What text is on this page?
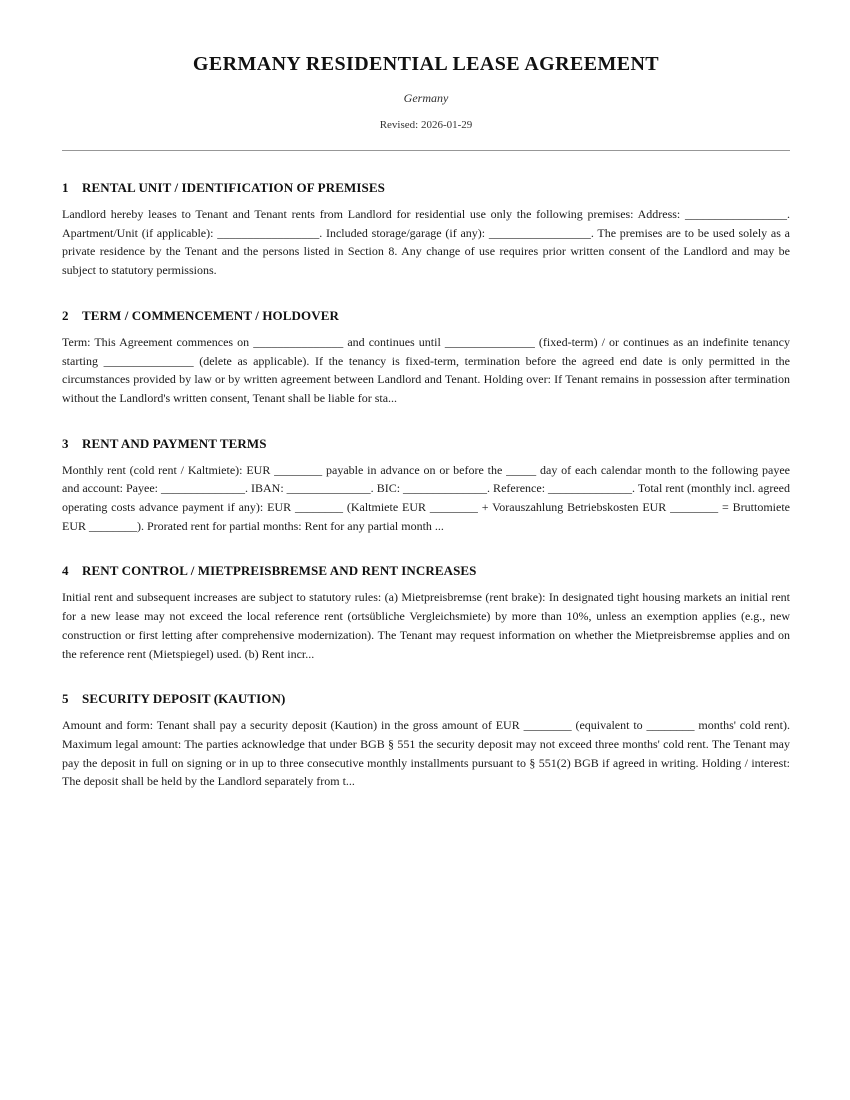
GERMANY RESIDENTIAL LEASE AGREEMENT
Germany
Revised: 2026-01-29
1 RENTAL UNIT / IDENTIFICATION OF PREMISES

Landlord hereby leases to Tenant and Tenant rents from Landlord for residential use only the following premises: Address: _________________. Apartment/Unit (if applicable): _________________. Included storage/garage (if any): _________________. The premises are to be used solely as a private residence by the Tenant and the persons listed in Section 8. Any change of use requires prior written consent of the Landlord and may be subject to statutory permissions.

2 TERM / COMMENCEMENT / HOLDOVER

Term: This Agreement commences on _______________ and continues until _______________ (fixed-term) / or continues as an indefinite tenancy starting _______________ (delete as applicable). If the tenancy is fixed-term, termination before the agreed end date is only permitted in the circumstances provided by law or by written agreement between Landlord and Tenant. Holding over: If Tenant remains in possession after termination without the Landlord's written consent, Tenant shall be liable for sta...

3 RENT AND PAYMENT TERMS

Monthly rent (cold rent / Kaltmiete): EUR ________ payable in advance on or before the _____ day of each calendar month to the following payee and account: Payee: ______________. IBAN: ______________. BIC: ______________. Reference: ______________. Total rent (monthly incl. agreed operating costs advance payment if any): EUR ________ (Kaltmiete EUR ________ + Vorauszahlung Betriebskosten EUR ________ = Bruttomiete EUR ________). Prorated rent for partial months: Rent for any partial month ...

4 RENT CONTROL / MIETPREISBREMSE AND RENT INCREASES

Initial rent and subsequent increases are subject to statutory rules: (a) Mietpreisbremse (rent brake): In designated tight housing markets an initial rent for a new lease may not exceed the local reference rent (ortsübliche Vergleichsmiete) by more than 10%, unless an exemption applies (e.g., new construction or first letting after comprehensive modernization). The Tenant may request information on whether the Mietpreisbremse applies and on the reference rent (Mietspiegel) used. (b) Rent incr...

5 SECURITY DEPOSIT (KAUTION)

Amount and form: Tenant shall pay a security deposit (Kaution) in the gross amount of EUR ________ (equivalent to ________ months' cold rent). Maximum legal amount: The parties acknowledge that under BGB § 551 the security deposit may not exceed three months' cold rent. The Tenant may pay the deposit in full on signing or in up to three consecutive monthly installments pursuant to § 551(2) BGB if agreed in writing. Holding / interest: The deposit shall be held by the Landlord separately from t...
